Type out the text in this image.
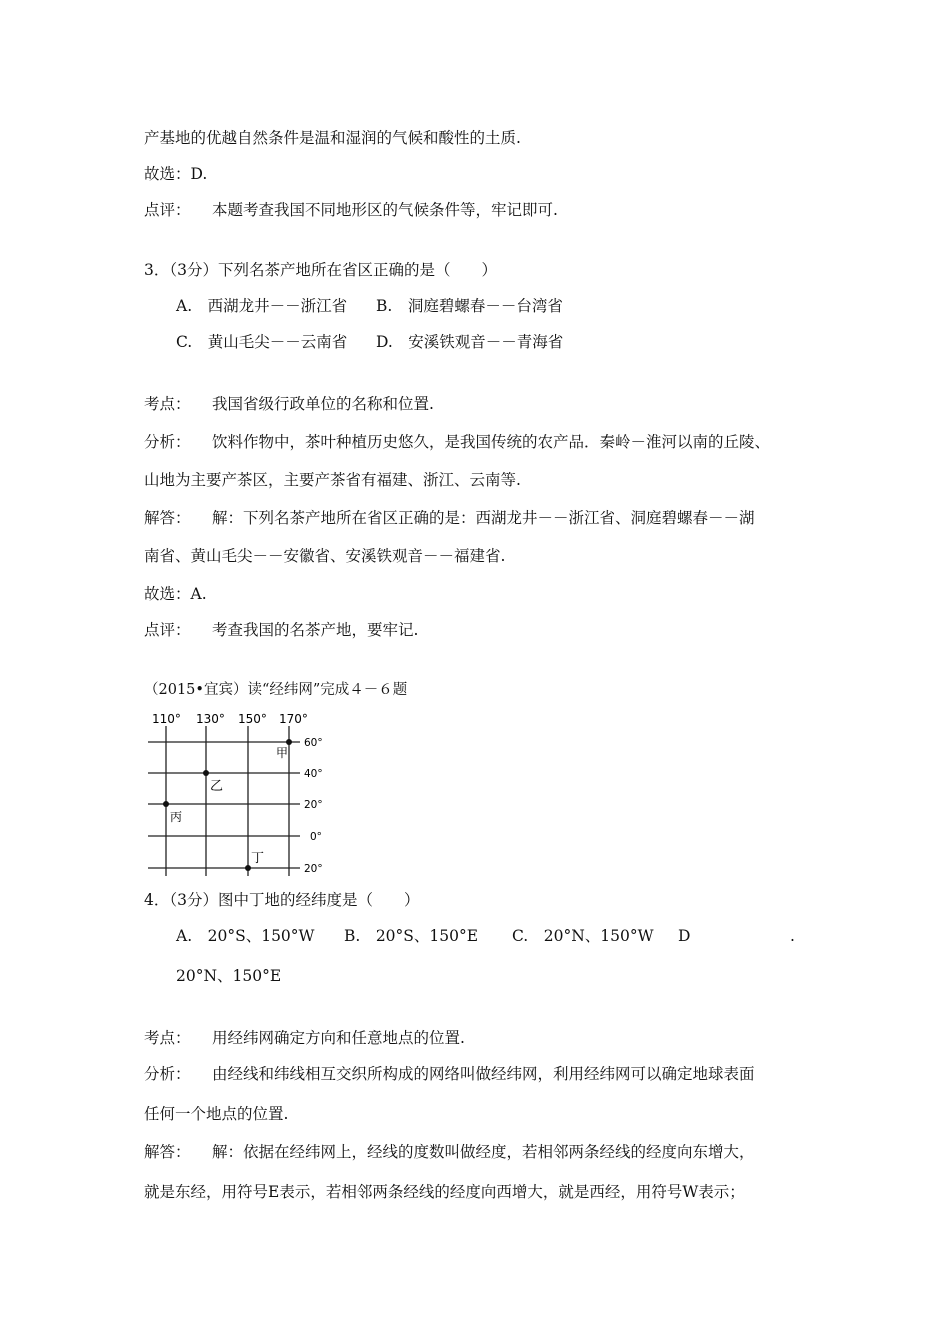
产基地的优越自然条件是温和湿润的气候和酸性的土质.
故选：D.
点评： 本题考查我国不同地形区的气候条件等，牢记即可.
3．（3分）下列名茶产地所在省区正确的是（　　）
A.　西湖龙井－－浙江省 B.　洞庭碧螺春－－台湾省
C.　黄山毛尖－－云南省 D.　安溪铁观音－－青海省
考点： 我国省级行政单位的名称和位置.
分析： 饮料作物中，茶叶种植历史悠久，是我国传统的农产品．秦岭－淮河以南的丘陵、
山地为主要产茶区，主要产茶省有福建、浙江、云南等.
解答： 解：下列名茶产地所在省区正确的是：西湖龙井－－浙江省、洞庭碧螺春－－湖
南省、黄山毛尖－－安徽省、安溪铁观音－－福建省.
故选：A.
点评： 考查我国的名茶产地，要牢记.
（2015•宜宾）读“经纬网”完成４－６题
110° 130° 150° 170°
60°
40°
20°
0°
20°
甲
乙
丙
丁
4．（3分）图中丁地的经纬度是（　　）
A.　20°S、150°W B.　20°S、150°E C.　20°N、150°W D	.
20°N、150°E
考点： 用经纬网确定方向和任意地点的位置.
分析： 由经线和纬线相互交织所构成的网络叫做经纬网，利用经纬网可以确定地球表面
任何一个地点的位置.
解答： 解：依据在经纬网上，经线的度数叫做经度，若相邻两条经线的经度向东增大，
就是东经，用符号E表示，若相邻两条经线的经度向西增大，就是西经，用符号W表示；
